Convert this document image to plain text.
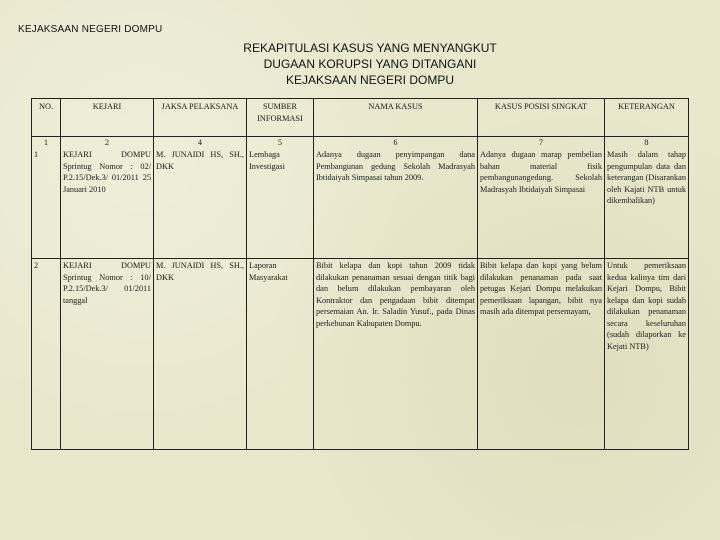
KEJAKSAAN NEGERI DOMPU
REKAPITULASI KASUS YANG MENYANGKUT
DUGAAN KORUPSI YANG DITANGANI
KEJAKSAAN NEGERI DOMPU
NO.	KEJARI	JAKSA PELAKSANA	SUMBER INFORMASI	NAMA KASUS	KASUS POSISI SINGKAT	KETERANGAN
1	2	4	5	6	7	8
1	KEJARI DOMPU Sprintug Nomor : 02/ P.2.15/Dek.3/ 01/2011 25 Januari 2010	M. JUNAIDI HS, SH., DKK	Lembaga Investigasi	Adanya dugaan penyimpangan dana Pembangunan gedung Sekolah Madrasyah Ibtidaiyah Simpasai tahun 2009.	Adanya dugaan marap pembelian bahan material fisik pembangunangedung. Sekolah Madrasyah Ibtidaiyah Simpasai	Masih dalam tahap pengumpulan data dan keterangan (Disarankan oleh Kajati NTB untuk dikembalikan)
2	KEJARI DOMPU Sprintug Nomor : 10/ P.2.15/Dek.3/ 01/2011 tanggal	M. JUNAIDI HS, SH., DKK	Laporan Masyarakat	Bibit kelapa dan kopi tahun 2009 tidak dilakukan penanaman sesuai dengan titik bagi dan belum dilakukan pembayaran oleh Kontraktor dan pengadaan bibit ditempat persemaian An. Ir. Saladin Yusuf., pada Dinas perkebunan Kabupaten Dompu.	Bibit kelapa dan kopi yang belum dilakukan penanaman pada saat petugas Kejari Dompu melakukan pemeriksaan lapangan, bibit nya masih ada ditempat persemayam,	Untuk pemeriksaan kedua kalinya tim dari Kejari Dompu, Bibit kelapa dan kopi sudah dilakukan penanaman secara keseluruhan (sudah dilaporkan ke Kejati NTB)
